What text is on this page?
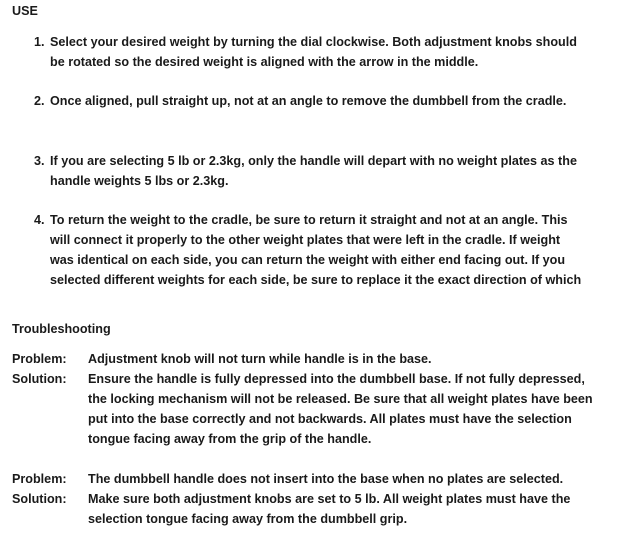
USE
1. Select your desired weight by turning the dial clockwise. Both adjustment knobs should
be rotated so the desired weight is aligned with the arrow in the middle.
2. Once aligned, pull straight up, not at an angle to remove the dumbbell from the cradle.
3. If you are selecting 5 lb or 2.3kg, only the handle will depart with no weight plates as the
handle weights 5 lbs or 2.3kg.
4. To return the weight to the cradle, be sure to return it straight and not at an angle. This
will connect it properly to the other weight plates that were left in the cradle. If weight
was identical on each side, you can return the weight with either end facing out. If you
selected different weights for each side, be sure to replace it the exact direction of which
Troubleshooting
Problem: Adjustment knob will not turn while handle is in the base.
Solution: Ensure the handle is fully depressed into the dumbbell base. If not fully depressed,
the locking mechanism will not be released. Be sure that all weight plates have been
put into the base correctly and not backwards. All plates must have the selection
tongue facing away from the grip of the handle.
Problem: The dumbbell handle does not insert into the base when no plates are selected.
Solution: Make sure both adjustment knobs are set to 5 lb. All weight plates must have the
selection tongue facing away from the dumbbell grip.
